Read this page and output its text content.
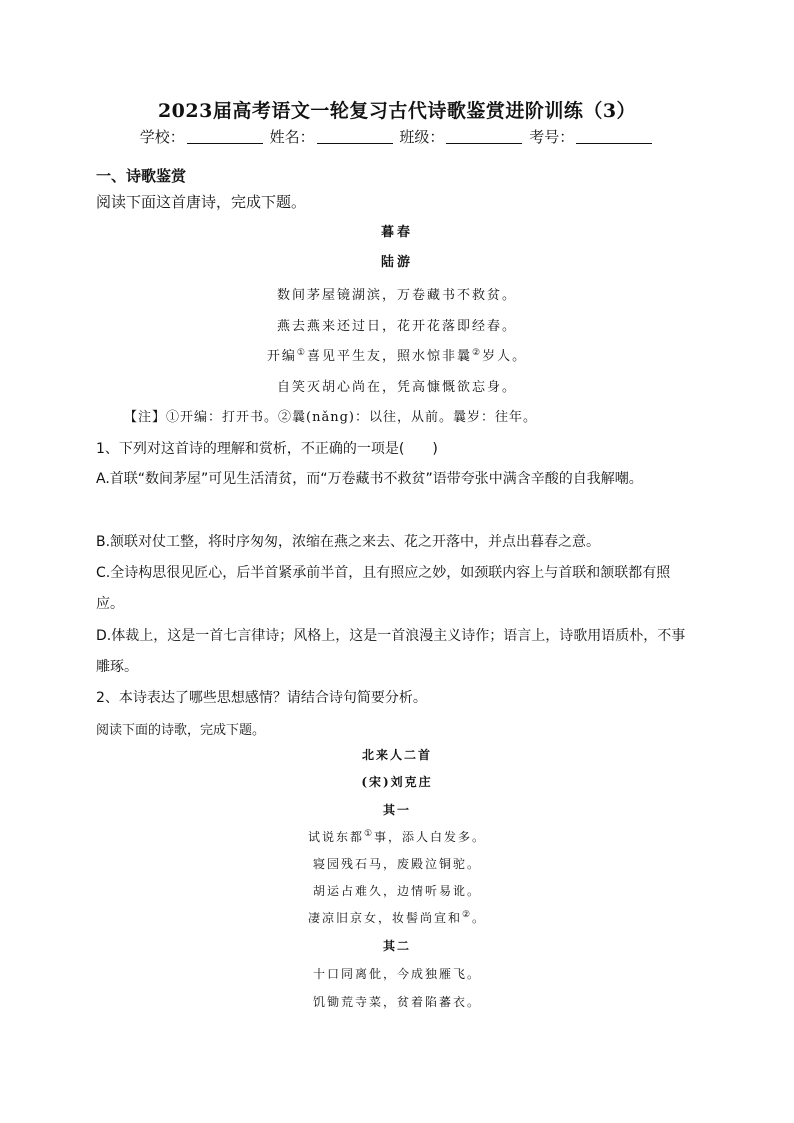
2023届高考语文一轮复习古代诗歌鉴赏进阶训练（3）
学校：	姓名：	班级：	考号：
一、诗歌鉴赏
阅读下面这首唐诗，完成下题。
暮春
陆游
数间茅屋镜湖滨，万卷藏书不救贫。
燕去燕来还过日，花开花落即经春。
开编①喜见平生友，照水惊非曩②岁人。
自笑灭胡心尚在，凭高慷慨欲忘身。
【注】①开编：打开书。②曩(nǎng)：以往，从前。曩岁：往年。
1、下列对这首诗的理解和赏析，不正确的一项是(　　)
A.首联“数间茅屋”可见生活清贫，而“万卷藏书不救贫”语带夸张中满含辛酸的自我解嘲。
B.颔联对仗工整，将时序匆匆，浓缩在燕之来去、花之开落中，并点出暮春之意。
C.全诗构思很见匠心，后半首紧承前半首，且有照应之妙，如颈联内容上与首联和颔联都有照应。
D.体裁上，这是一首七言律诗；风格上，这是一首浪漫主义诗作；语言上，诗歌用语质朴，不事雕琢。
2、本诗表达了哪些思想感情？请结合诗句简要分析。
阅读下面的诗歌，完成下题。
北来人二首
(宋)刘克庄
其一
试说东都①事，添人白发多。
寝园残石马，废殿泣铜驼。
胡运占难久，边情听易讹。
凄凉旧京女，妆髻尚宣和②。
其二
十口同离仳，今成独雁飞。
饥锄荒寺菜，贫着陷蕃衣。
